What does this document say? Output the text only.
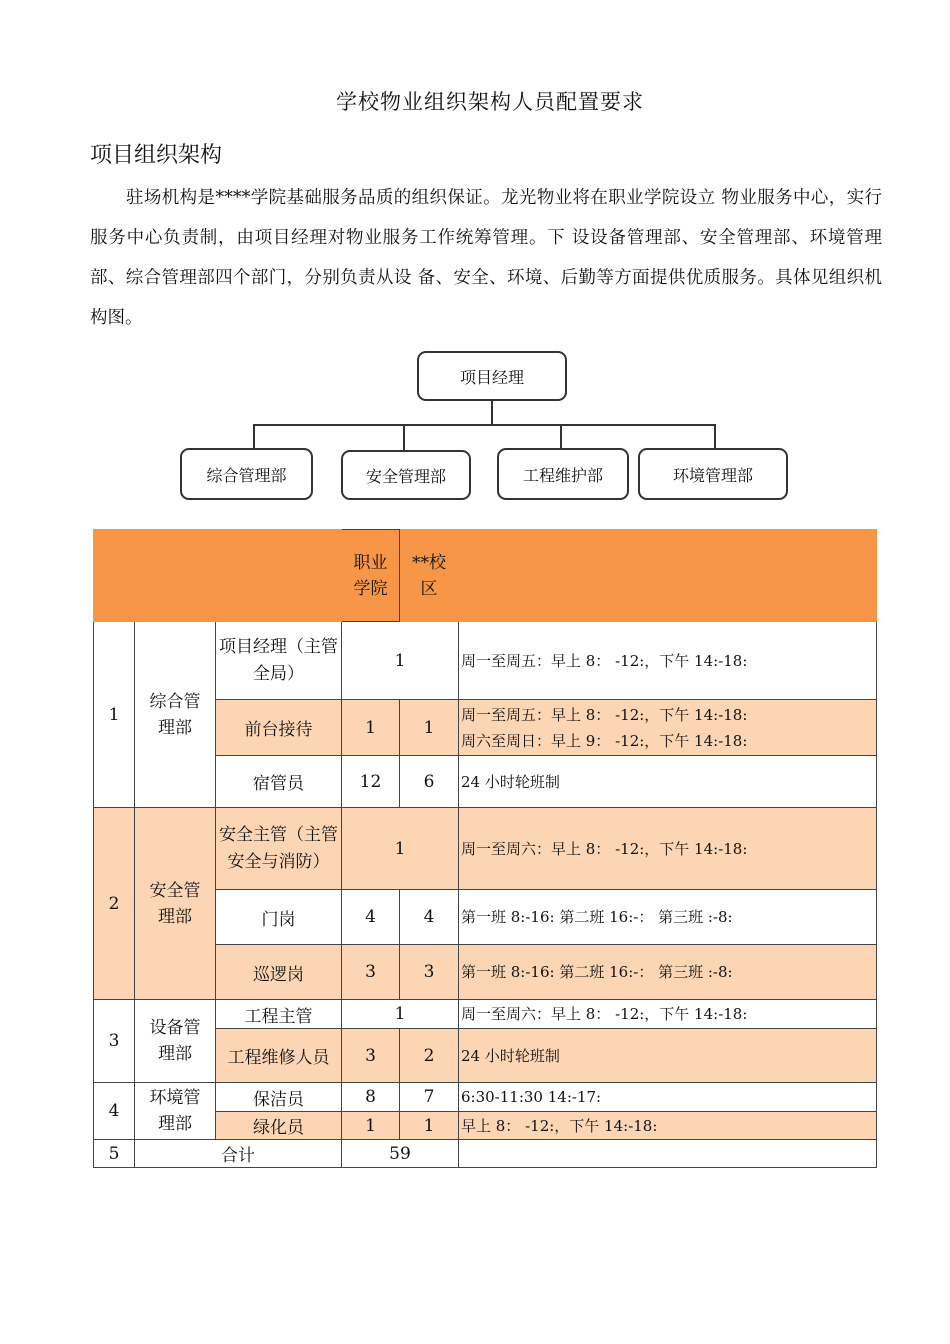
学校物业组织架构人员配置要求
项目组织架构
驻场机构是****学院基础服务品质的组织保证。龙光物业将在职业学院设立 物业服务中心，实行服务中心负责制，由项目经理对物业服务工作统筹管理。下 设设备管理部、安全管理部、环境管理部、综合管理部四个部门，分别负责从设 备、安全、环境、后勤等方面提供优质服务。具体见组织机构图。
项目经理
综合管理部	安全管理部	工程维护部	环境管理部

			职业学院	**校区	

1	综合管理部	项目经理（主管全局）	1		周一至周五：早上 8： -12:，下午 14:-18:
		前台接待	1	1	周一至周五：早上 8： -12:，下午 14:-18:
周六至周日：早上 9： -12:，下午 14:-18:

		宿管员	12	6	24 小时轮班制
2	安全管理部	安全主管（主管安全与消防）	1		周一至周六：早上 8： -12:，下午 14:-18:
		门岗	4	4	第一班 8:-16: 第二班 16:-： 第三班 :-8:
		巡逻岗	3	3	第一班 8:-16: 第二班 16:-： 第三班 :-8:
3	设备管理部	工程主管	1		周一至周六：早上 8： -12:，下午 14:-18:
		工程维修人员	3	2	24 小时轮班制
4	环境管理部	保洁员	8	7	6:30-11:30 14:-17:
		绿化员	1	1	早上 8： -12:，下午 14:-18:
5	合计		59		
